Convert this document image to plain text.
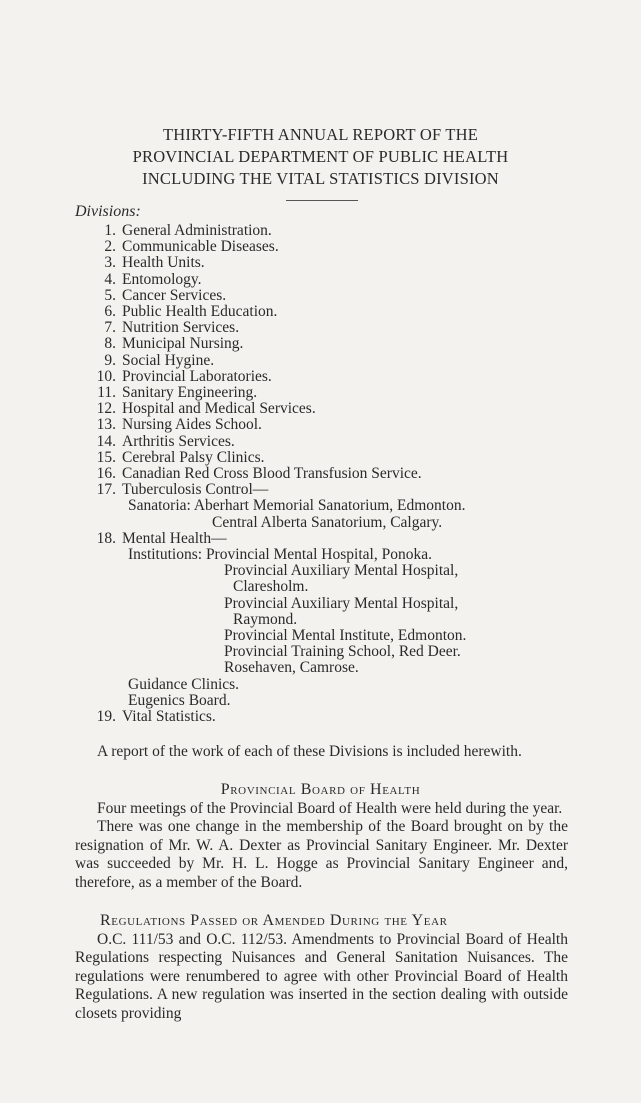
THIRTY-FIFTH ANNUAL REPORT OF THE
PROVINCIAL DEPARTMENT OF PUBLIC HEALTH
INCLUDING THE VITAL STATISTICS DIVISION
Divisions:
1. General Administration.
2. Communicable Diseases.
3. Health Units.
4. Entomology.
5. Cancer Services.
6. Public Health Education.
7. Nutrition Services.
8. Municipal Nursing.
9. Social Hygine.
10. Provincial Laboratories.
11. Sanitary Engineering.
12. Hospital and Medical Services.
13. Nursing Aides School.
14. Arthritis Services.
15. Cerebral Palsy Clinics.
16. Canadian Red Cross Blood Transfusion Service.
17. Tuberculosis Control—
Sanatoria: Aberhart Memorial Sanatorium, Edmonton.
Central Alberta Sanatorium, Calgary.
18. Mental Health—
Institutions: Provincial Mental Hospital, Ponoka.
Provincial Auxiliary Mental Hospital,
Claresholm.
Provincial Auxiliary Mental Hospital,
Raymond.
Provincial Mental Institute, Edmonton.
Provincial Training School, Red Deer.
Rosehaven, Camrose.
Guidance Clinics.
Eugenics Board.
19. Vital Statistics.

A report of the work of each of these Divisions is included herewith.

Provincial Board of Health

Four meetings of the Provincial Board of Health were held during the year.

There was one change in the membership of the Board brought on by the resignation of Mr. W. A. Dexter as Provincial Sanitary Engineer. Mr. Dexter was succeeded by Mr. H. L. Hogge as Provincial Sanitary Engineer and, therefore, as a member of the Board.

Regulations Passed or Amended During the Year

O.C. 111/53 and O.C. 112/53. Amendments to Provincial Board of Health Regulations respecting Nuisances and General Sanitation Nuisances. The regulations were renumbered to agree with other Provincial Board of Health Regulations. A new regulation was inserted in the section dealing with outside closets providing
